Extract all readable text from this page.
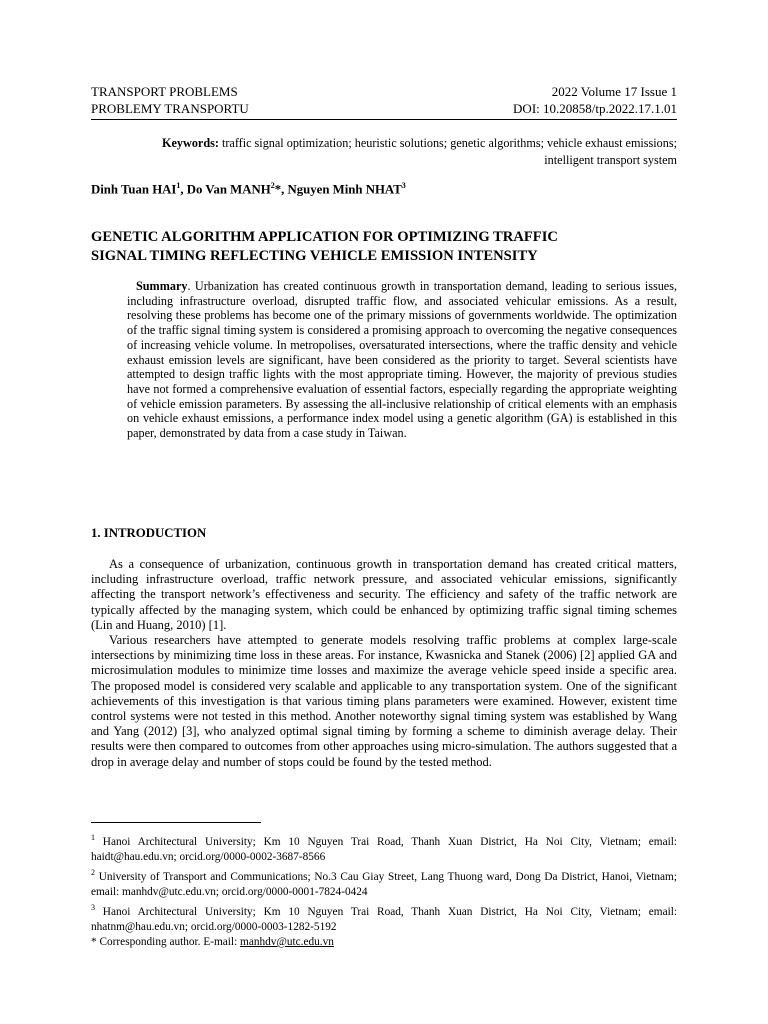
TRANSPORT PROBLEMS	2022 Volume 17 Issue 1
PROBLEMY TRANSPORTU	DOI: 10.20858/tp.2022.17.1.01
Keywords: traffic signal optimization; heuristic solutions; genetic algorithms; vehicle exhaust emissions; intelligent transport system
Dinh Tuan HAI$^1$, Do Van MANH$^2$*, Nguyen Minh NHAT$^3$
GENETIC ALGORITHM APPLICATION FOR OPTIMIZING TRAFFIC
SIGNAL TIMING REFLECTING VEHICLE EMISSION INTENSITY
Summary. Urbanization has created continuous growth in transportation demand, leading to serious issues, including infrastructure overload, disrupted traffic flow, and associated vehicular emissions. As a result, resolving these problems has become one of the primary missions of governments worldwide. The optimization of the traffic signal timing system is considered a promising approach to overcoming the negative consequences of increasing vehicle volume. In metropolises, oversaturated intersections, where the traffic density and vehicle exhaust emission levels are significant, have been considered as the priority to target. Several scientists have attempted to design traffic lights with the most appropriate timing. However, the majority of previous studies have not formed a comprehensive evaluation of essential factors, especially regarding the appropriate weighting of vehicle emission parameters. By assessing the all-inclusive relationship of critical elements with an emphasis on vehicle exhaust emissions, a performance index model using a genetic algorithm (GA) is established in this paper, demonstrated by data from a case study in Taiwan.
1. INTRODUCTION

As a consequence of urbanization, continuous growth in transportation demand has created critical matters, including infrastructure overload, traffic network pressure, and associated vehicular emissions, significantly affecting the transport network’s effectiveness and security. The efficiency and safety of the traffic network are typically affected by the managing system, which could be enhanced by optimizing traffic signal timing schemes (Lin and Huang, 2010) [1].

Various researchers have attempted to generate models resolving traffic problems at complex large-scale intersections by minimizing time loss in these areas. For instance, Kwasnicka and Stanek (2006) [2] applied GA and microsimulation modules to minimize time losses and maximize the average vehicle speed inside a specific area. The proposed model is considered very scalable and applicable to any transportation system. One of the significant achievements of this investigation is that various timing plans parameters were examined. However, existent time control systems were not tested in this method. Another noteworthy signal timing system was established by Wang and Yang (2012) [3], who analyzed optimal signal timing by forming a scheme to diminish average delay. Their results were then compared to outcomes from other approaches using micro-simulation. The authors suggested that a drop in average delay and number of stops could be found by the tested method.

$^1$ Hanoi Architectural University; Km 10 Nguyen Trai Road, Thanh Xuan District, Ha Noi City, Vietnam; email: haidt@hau.edu.vn; orcid.org/0000-0002-3687-8566

$^2$ University of Transport and Communications; No.3 Cau Giay Street, Lang Thuong ward, Dong Da District, Hanoi, Vietnam; email: manhdv@utc.edu.vn; orcid.org/0000-0001-7824-0424

$^3$ Hanoi Architectural University; Km 10 Nguyen Trai Road, Thanh Xuan District, Ha Noi City, Vietnam; email: nhatnm@hau.edu.vn; orcid.org/0000-0003-1282-5192

* Corresponding author. E-mail: manhdv@utc.edu.vn
